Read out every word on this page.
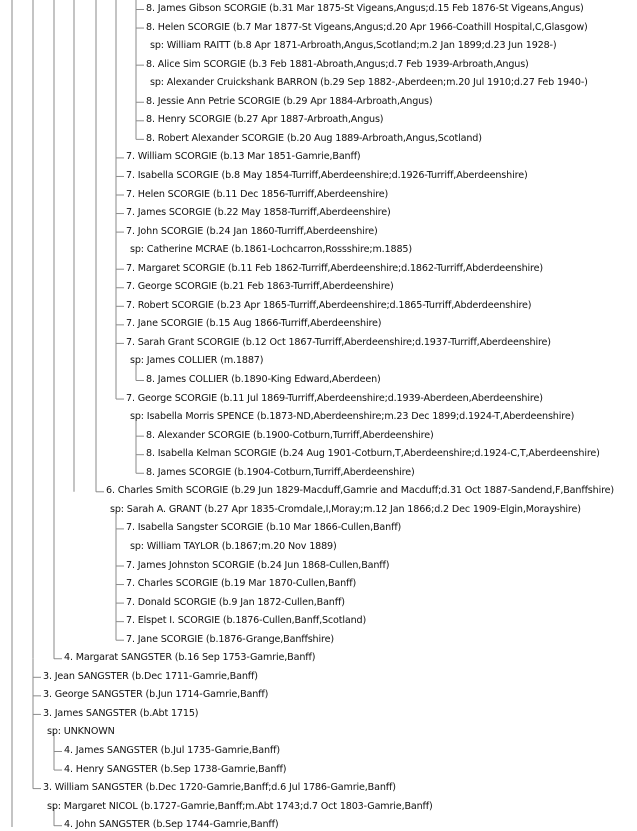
8. James Gibson SCORGIE (b.31 Mar 1875-St Vigeans,Angus;d.15 Feb 1876-St Vigeans,Angus)
8. Helen SCORGIE (b.7 Mar 1877-St Vigeans,Angus;d.20 Apr 1966-Coathill Hospital,C,Glasgow)
sp: William RAITT (b.8 Apr 1871-Arbroath,Angus,Scotland;m.2 Jan 1899;d.23 Jun 1928-)
8. Alice Sim SCORGIE (b.3 Feb 1881-Abroath,Angus;d.7 Feb 1939-Arbroath,Angus)
sp: Alexander Cruickshank BARRON (b.29 Sep 1882-,Aberdeen;m.20 Jul 1910;d.27 Feb 1940-)
8. Jessie Ann Petrie SCORGIE (b.29 Apr 1884-Arbroath,Angus)
8. Henry SCORGIE (b.27 Apr 1887-Arbroath,Angus)
8. Robert Alexander SCORGIE (b.20 Aug 1889-Arbroath,Angus,Scotland)
7. William SCORGIE (b.13 Mar 1851-Gamrie,Banff)
7. Isabella SCORGIE (b.8 May 1854-Turriff,Aberdeenshire;d.1926-Turriff,Aberdeenshire)
7. Helen SCORGIE (b.11 Dec 1856-Turriff,Aberdeenshire)
7. James SCORGIE (b.22 May 1858-Turriff,Aberdeenshire)
7. John SCORGIE (b.24 Jan 1860-Turriff,Aberdeenshire)
sp: Catherine MCRAE (b.1861-Lochcarron,Rossshire;m.1885)
7. Margaret SCORGIE (b.11 Feb 1862-Turriff,Aberdeenshire;d.1862-Turriff,Abderdeenshire)
7. George SCORGIE (b.21 Feb 1863-Turriff,Aberdeenshire)
7. Robert SCORGIE (b.23 Apr 1865-Turriff,Aberdeenshire;d.1865-Turriff,Abderdeenshire)
7. Jane SCORGIE (b.15 Aug 1866-Turriff,Aberdeenshire)
7. Sarah Grant SCORGIE (b.12 Oct 1867-Turriff,Aberdeenshire;d.1937-Turriff,Aberdeenshire)
sp: James COLLIER (m.1887)
8. James COLLIER (b.1890-King Edward,Aberdeen)
7. George SCORGIE (b.11 Jul 1869-Turriff,Aberdeenshire;d.1939-Aberdeen,Aberdeenshire)
sp: Isabella Morris SPENCE (b.1873-ND,Aberdeenshire;m.23 Dec 1899;d.1924-T,Aberdeenshire)
8. Alexander SCORGIE (b.1900-Cotburn,Turriff,Aberdeenshire)
8. Isabella Kelman SCORGIE (b.24 Aug 1901-Cotburn,T,Aberdeenshire;d.1924-C,T,Aberdeenshire)
8. James SCORGIE (b.1904-Cotburn,Turriff,Aberdeenshire)
6. Charles Smith SCORGIE (b.29 Jun 1829-Macduff,Gamrie and Macduff;d.31 Oct 1887-Sandend,F,Banffshire)
sp: Sarah A. GRANT (b.27 Apr 1835-Cromdale,I,Moray;m.12 Jan 1866;d.2 Dec 1909-Elgin,Morayshire)
7. Isabella Sangster SCORGIE (b.10 Mar 1866-Cullen,Banff)
sp: William TAYLOR (b.1867;m.20 Nov 1889)
7. James Johnston SCORGIE (b.24 Jun 1868-Cullen,Banff)
7. Charles SCORGIE (b.19 Mar 1870-Cullen,Banff)
7. Donald SCORGIE (b.9 Jan 1872-Cullen,Banff)
7. Elspet I. SCORGIE (b.1876-Cullen,Banff,Scotland)
7. Jane SCORGIE (b.1876-Grange,Banffshire)
4. Margarat SANGSTER (b.16 Sep 1753-Gamrie,Banff)
3. Jean SANGSTER (b.Dec 1711-Gamrie,Banff)
3. George SANGSTER (b.Jun 1714-Gamrie,Banff)
3. James SANGSTER (b.Abt 1715)
sp: UNKNOWN
4. James SANGSTER (b.Jul 1735-Gamrie,Banff)
4. Henry SANGSTER (b.Sep 1738-Gamrie,Banff)
3. William SANGSTER (b.Dec 1720-Gamrie,Banff;d.6 Jul 1786-Gamrie,Banff)
sp: Margaret NICOL (b.1727-Gamrie,Banff;m.Abt 1743;d.7 Oct 1803-Gamrie,Banff)
4. John SANGSTER (b.Sep 1744-Gamrie,Banff)
